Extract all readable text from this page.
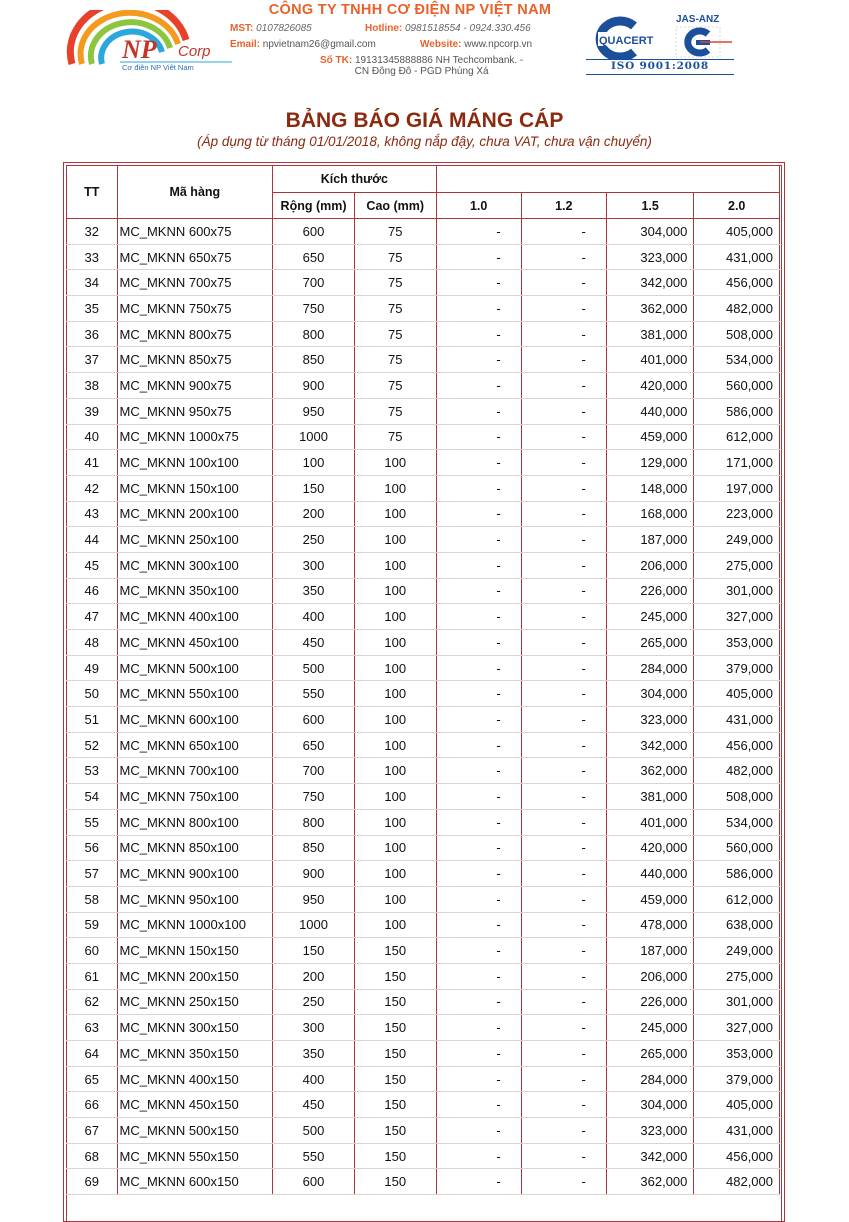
NP Corp
Cơ điện NP Việt Nam
CÔNG TY TNHH CƠ ĐIỆN NP VIỆT NAM
MST: 0107826085	Hotline: 0981518554 - 0924.330.456
Email: npvietnam26@gmail.com	Website: www.npcorp.vn
Số TK: 19131345888886 NH Techcombank. -
CN Đông Đô - PGD Phùng Xá
QUACERT
vn	JAS-ANZ
ISO 9001:2008
BẢNG BÁO GIÁ MÁNG CÁP
(Áp dụng từ tháng 01/01/2018, không nắp đậy, chưa VAT, chưa vận chuyển)
TT	Mã hàng	Kích thước					
		Rộng (mm)	Cao (mm)	1.0	1.2	1.5	2.0
32	MC_MKNN 600x75	600	75	-	-	304,000	405,000
33	MC_MKNN 650x75	650	75	-	-	323,000	431,000
34	MC_MKNN 700x75	700	75	-	-	342,000	456,000
35	MC_MKNN 750x75	750	75	-	-	362,000	482,000
36	MC_MKNN 800x75	800	75	-	-	381,000	508,000
37	MC_MKNN 850x75	850	75	-	-	401,000	534,000
38	MC_MKNN 900x75	900	75	-	-	420,000	560,000
39	MC_MKNN 950x75	950	75	-	-	440,000	586,000
40	MC_MKNN 1000x75	1000	75	-	-	459,000	612,000
41	MC_MKNN 100x100	100	100	-	-	129,000	171,000
42	MC_MKNN 150x100	150	100	-	-	148,000	197,000
43	MC_MKNN 200x100	200	100	-	-	168,000	223,000
44	MC_MKNN 250x100	250	100	-	-	187,000	249,000
45	MC_MKNN 300x100	300	100	-	-	206,000	275,000
46	MC_MKNN 350x100	350	100	-	-	226,000	301,000
47	MC_MKNN 400x100	400	100	-	-	245,000	327,000
48	MC_MKNN 450x100	450	100	-	-	265,000	353,000
49	MC_MKNN 500x100	500	100	-	-	284,000	379,000
50	MC_MKNN 550x100	550	100	-	-	304,000	405,000
51	MC_MKNN 600x100	600	100	-	-	323,000	431,000
52	MC_MKNN 650x100	650	100	-	-	342,000	456,000
53	MC_MKNN 700x100	700	100	-	-	362,000	482,000
54	MC_MKNN 750x100	750	100	-	-	381,000	508,000
55	MC_MKNN 800x100	800	100	-	-	401,000	534,000
56	MC_MKNN 850x100	850	100	-	-	420,000	560,000
57	MC_MKNN 900x100	900	100	-	-	440,000	586,000
58	MC_MKNN 950x100	950	100	-	-	459,000	612,000
59	MC_MKNN 1000x100	1000	100	-	-	478,000	638,000
60	MC_MKNN 150x150	150	150	-	-	187,000	249,000
61	MC_MKNN 200x150	200	150	-	-	206,000	275,000
62	MC_MKNN 250x150	250	150	-	-	226,000	301,000
63	MC_MKNN 300x150	300	150	-	-	245,000	327,000
64	MC_MKNN 350x150	350	150	-	-	265,000	353,000
65	MC_MKNN 400x150	400	150	-	-	284,000	379,000
66	MC_MKNN 450x150	450	150	-	-	304,000	405,000
67	MC_MKNN 500x150	500	150	-	-	323,000	431,000
68	MC_MKNN 550x150	550	150	-	-	342,000	456,000
69	MC_MKNN 600x150	600	150	-	-	362,000	482,000
